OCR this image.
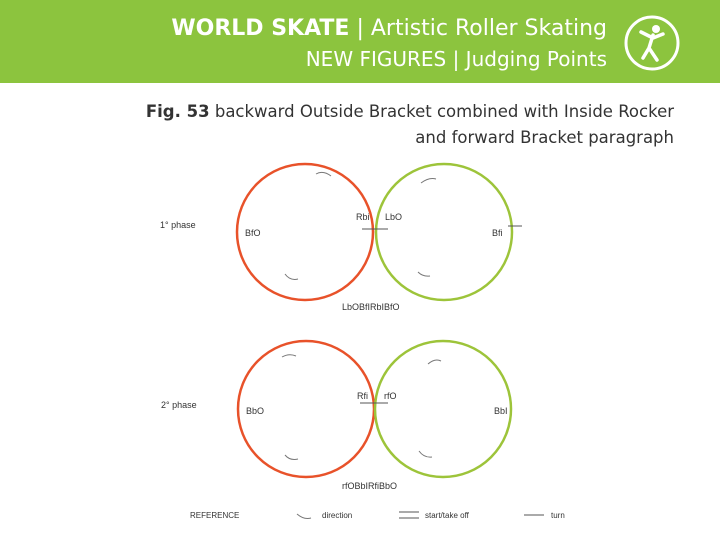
WORLD SKATE | Artistic Roller Skating
NEW FIGURES | Judging Points
Fig. 53 backward Outside Bracket combined with Inside Rocker
and forward Bracket paragraph
1° phase
BfO	Bfi
Rbi LbO
LbOBfIRbIBfO
2° phase
BbO	BbI
Rfi rfO
rfOBbIRfiBbO
REFERENCE	direction	start/take off	turn
